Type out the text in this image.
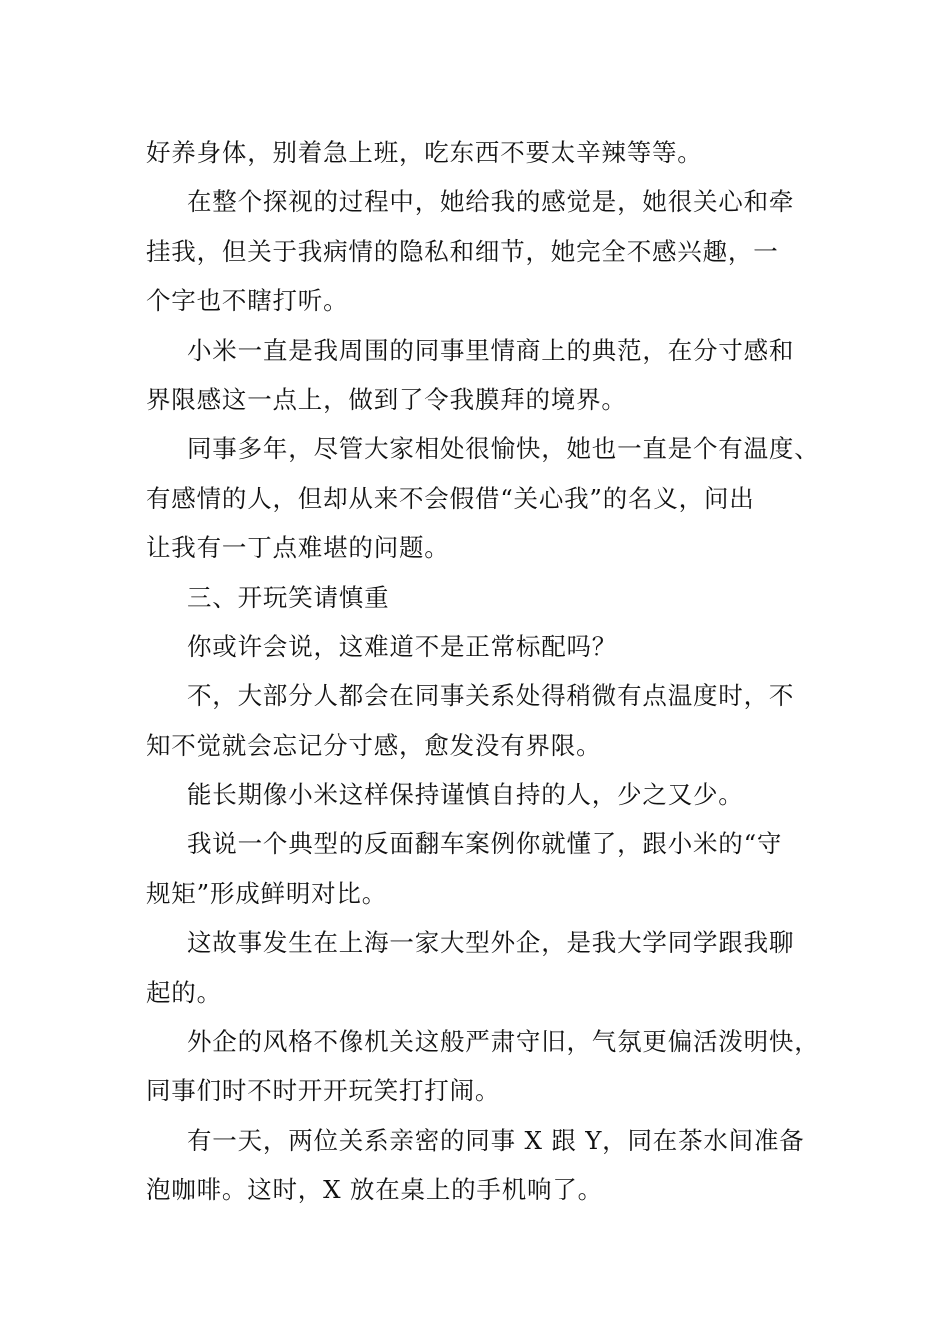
好养身体，别着急上班，吃东西不要太辛辣等等。

在整个探视的过程中，她给我的感觉是，她很关心和牵
挂我，但关于我病情的隐私和细节，她完全不感兴趣，一
个字也不瞎打听。

小米一直是我周围的同事里情商上的典范，在分寸感和
界限感这一点上，做到了令我膜拜的境界。

同事多年，尽管大家相处很愉快，她也一直是个有温度、
有感情的人，但却从来不会假借“关心我”的名义，问出
让我有一丁点难堪的问题。

三、开玩笑请慎重

你或许会说，这难道不是正常标配吗？

不，大部分人都会在同事关系处得稍微有点温度时，不
知不觉就会忘记分寸感，愈发没有界限。

能长期像小米这样保持谨慎自持的人，少之又少。

我说一个典型的反面翻车案例你就懂了，跟小米的“守
规矩”形成鲜明对比。

这故事发生在上海一家大型外企，是我大学同学跟我聊
起的。

外企的风格不像机关这般严肃守旧，气氛更偏活泼明快，
同事们时不时开开玩笑打打闹。

有一天，两位关系亲密的同事 X 跟 Y，同在茶水间准备
泡咖啡。这时，X 放在桌上的手机响了。
